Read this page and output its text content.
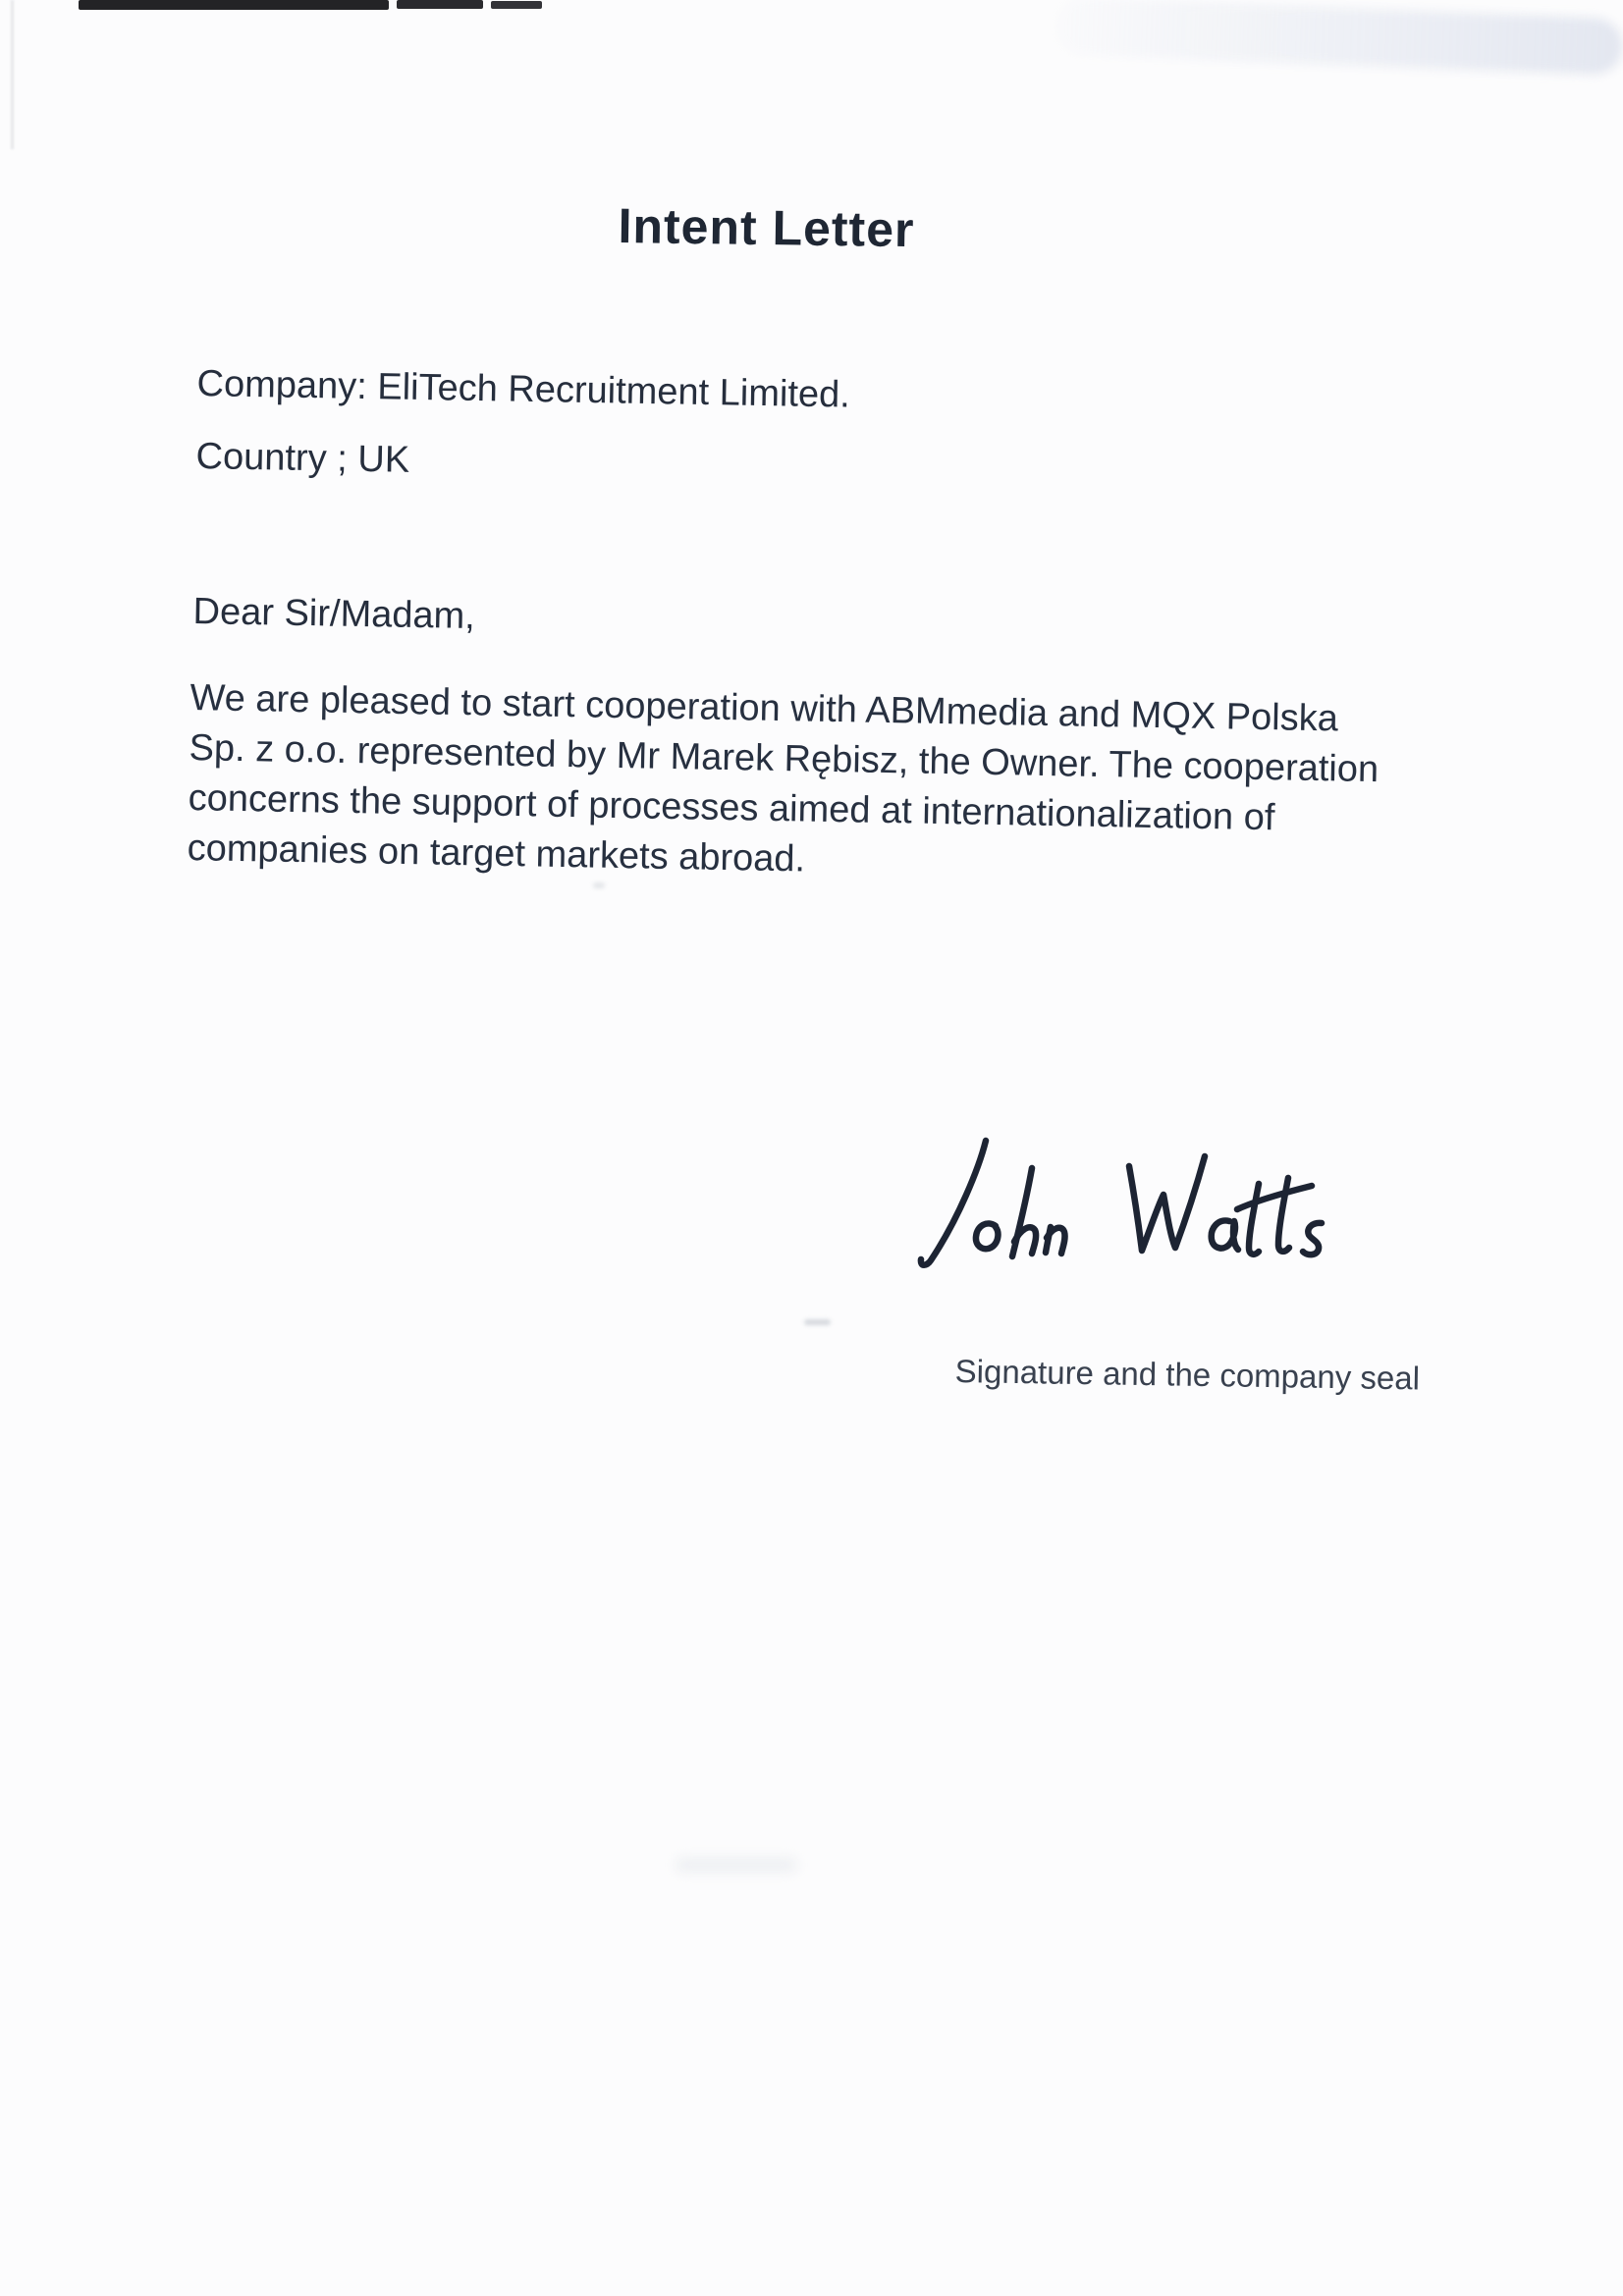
Intent Letter
Company: EliTech Recruitment Limited.
Country ; UK
Dear Sir/Madam,
We are pleased to start cooperation with ABMmedia and MQX Polska
Sp. z o.o. represented by Mr Marek Rębisz, the Owner. The cooperation
concerns the support of processes aimed at internationalization of
companies on target markets abroad.
Signature and the company seal
